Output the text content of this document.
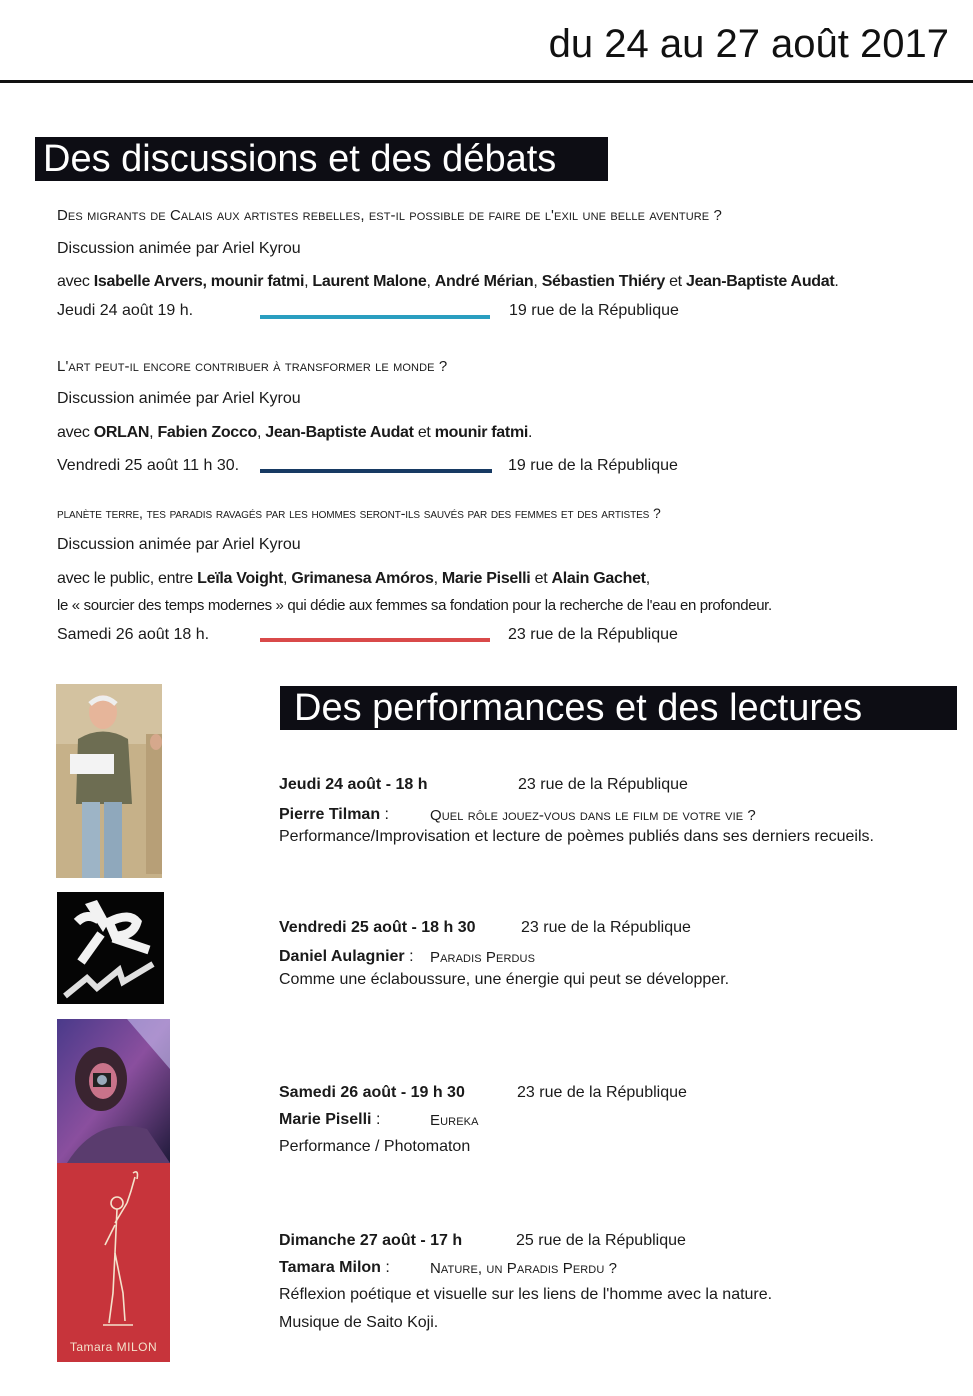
du 24 au 27 août 2017
Des discussions et des débats
Des migrants de Calais aux artistes rebelles, est-il possible de faire de l'exil une belle aventure ?
Discussion animée par Ariel Kyrou
avec Isabelle Arvers, mounir fatmi, Laurent Malone, André Mérian, Sébastien Thiéry et Jean-Baptiste Audat.
Jeudi 24 août 19 h.	19 rue de la République
L'art peut-il encore contribuer à transformer le monde ?
Discussion animée par Ariel Kyrou
avec ORLAN, Fabien Zocco, Jean-Baptiste Audat et mounir fatmi.
Vendredi 25 août 11 h 30.	19 rue de la République
planète terre, tes paradis ravagés par les hommes seront-ils sauvés par des femmes et des artistes ?
Discussion animée par Ariel Kyrou
avec le public, entre Leïla Voight, Grimanesa Amóros, Marie Piselli et Alain Gachet,
le « sourcier des temps modernes » qui dédie aux femmes sa fondation pour la recherche de l'eau en profondeur.
Samedi 26 août 18 h.	23 rue de la République
Des performances et des lectures
Tamara MILON
Jeudi 24 août - 18 h	23 rue de la République
Pierre Tilman :	Quel rôle jouez-vous dans le film de votre vie ?
Performance/Improvisation et lecture de poèmes publiés dans ses derniers recueils.
Vendredi 25 août - 18 h 30	23 rue de la République
Daniel Aulagnier : Paradis Perdus
Comme une éclaboussure, une énergie qui peut se développer.
Samedi 26 août - 19 h 30	23 rue de la République
Marie Piselli :	Eureka
Performance / Photomaton
Dimanche 27 août - 17 h	25 rue de la République
Tamara Milon :	Nature, un Paradis Perdu ?
Réflexion poétique et visuelle sur les liens de l'homme avec la nature.
Musique de Saito Koji.
